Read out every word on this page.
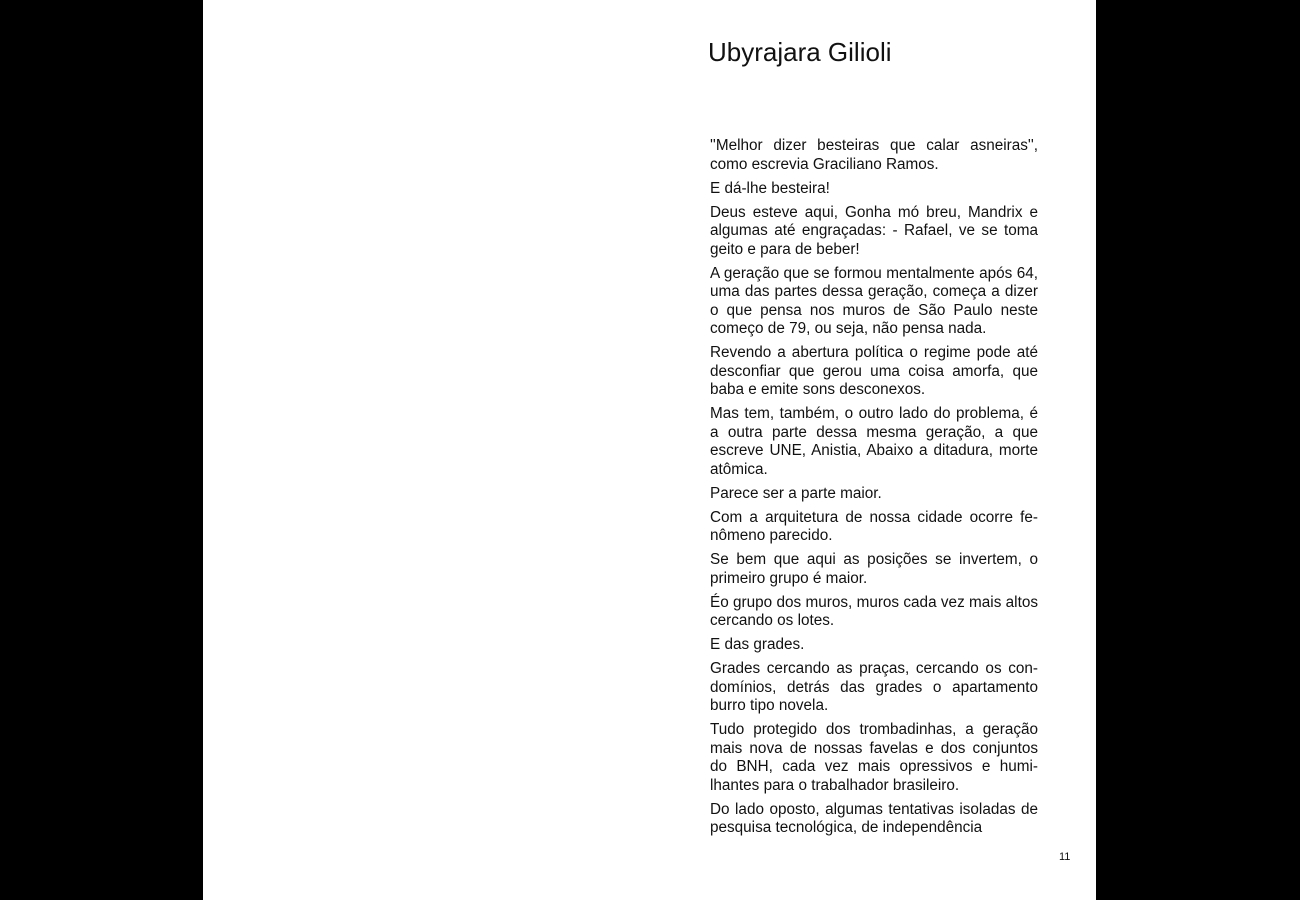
Ubyrajara Gilioli

''Melhor dizer besteiras que calar asneiras'', como escrevia Graciliano Ramos.

E dá-lhe besteira!

Deus esteve aqui, Gonha mó breu, Mandrix e algumas até engraçadas: - Rafael, ve se toma geito e para de beber!

A geração que se formou mentalmente após 64, uma das partes dessa geração, começa a dizer o que pensa nos muros de São Paulo neste começo de 79, ou seja, não pensa nada.

Revendo a abertura política o regime pode até desconfiar que gerou uma coisa amorfa, que baba e emite sons desconexos.

Mas tem, também, o outro lado do problema, é a outra parte dessa mesma geração, a que escreve UNE, Anistia, Abaixo a ditadura, morte atômica.

Parece ser a parte maior.

Com a arquitetura de nossa cidade ocorre fenômeno parecido.

Se bem que aqui as posições se invertem, o primeiro grupo é maior.

Éo grupo dos muros, muros cada vez mais altos cercando os lotes.

E das grades.

Grades cercando as praças, cercando os condomínios, detrás das grades o apartamento burro tipo novela.

Tudo protegido dos trombadinhas, a geração mais nova de nossas favelas e dos conjuntos do BNH, cada vez mais opressivos e humilhantes para o trabalhador brasileiro.

Do lado oposto, algumas tentativas isoladas de pesquisa tecnológica, de independência

11
